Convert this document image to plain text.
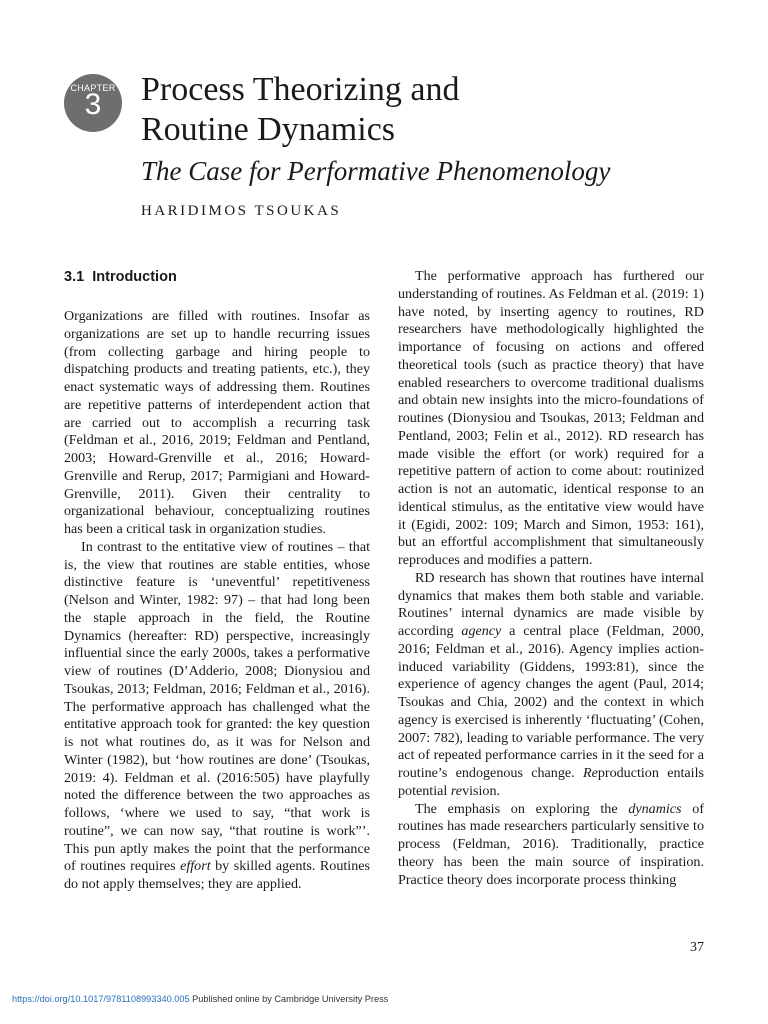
CHAPTER
3	Process Theorizing and
Routine Dynamics
The Case for Performative Phenomenology
HARIDIMOS TSOUKAS
3.1 Introduction

Organizations are filled with routines. Insofar as organizations are set up to handle recurring issues (from collecting garbage and hiring people to dispatching products and treating patients, etc.), they enact systematic ways of addressing them. Routines are repetitive patterns of interdependent action that are carried out to accomplish a recurring task (Feldman et al., 2016, 2019; Feldman and Pentland, 2003; Howard-Grenville et al., 2016; Howard-Grenville and Rerup, 2017; Parmigiani and Howard-Grenville, 2011). Given their centrality to organizational behaviour, conceptualizing routines has been a critical task in organization studies.

In contrast to the entitative view of routines – that is, the view that routines are stable entities, whose distinctive feature is ‘uneventful’ repetitiveness (Nelson and Winter, 1982: 97) – that had long been the staple approach in the field, the Routine Dynamics (hereafter: RD) perspective, increasingly influential since the early 2000s, takes a performative view of routines (D’Adderio, 2008; Dionysiou and Tsoukas, 2013; Feldman, 2016; Feldman et al., 2016). The performative approach has challenged what the entitative approach took for granted: the key question is not what routines do, as it was for Nelson and Winter (1982), but ‘how routines are done’ (Tsoukas, 2019: 4). Feldman et al. (2016:505) have playfully noted the difference between the two approaches as follows, ‘where we used to say, “that work is routine”, we can now say, “that routine is work”’. This pun aptly makes the point that the performance of routines requires effort by skilled agents. Routines do not apply themselves; they are applied.

The performative approach has furthered our understanding of routines. As Feldman et al. (2019: 1) have noted, by inserting agency to routines, RD researchers have methodologically highlighted the importance of focusing on actions and offered theoretical tools (such as practice theory) that have enabled researchers to overcome traditional dualisms and obtain new insights into the micro-foundations of routines (Dionysiou and Tsoukas, 2013; Feldman and Pentland, 2003; Felin et al., 2012). RD research has made visible the effort (or work) required for a repetitive pattern of action to come about: routinized action is not an automatic, identical response to an identical stimulus, as the entitative view would have it (Egidi, 2002: 109; March and Simon, 1953: 161), but an effortful accomplishment that simultaneously reproduces and modifies a pattern.

RD research has shown that routines have internal dynamics that makes them both stable and variable. Routines’ internal dynamics are made visible by according agency a central place (Feldman, 2000, 2016; Feldman et al., 2016). Agency implies action-induced variability (Giddens, 1993:81), since the experience of agency changes the agent (Paul, 2014; Tsoukas and Chia, 2002) and the context in which agency is exercised is inherently ‘fluctuating’ (Cohen, 2007: 782), leading to variable performance. The very act of repeated performance carries in it the seed for a routine’s endogenous change. Reproduction entails potential revision.

The emphasis on exploring the dynamics of routines has made researchers particularly sensitive to process (Feldman, 2016). Traditionally, practice theory has been the main source of inspiration. Practice theory does incorporate process thinking

37
https://doi.org/10.1017/9781108993340.005 Published online by Cambridge University Press
